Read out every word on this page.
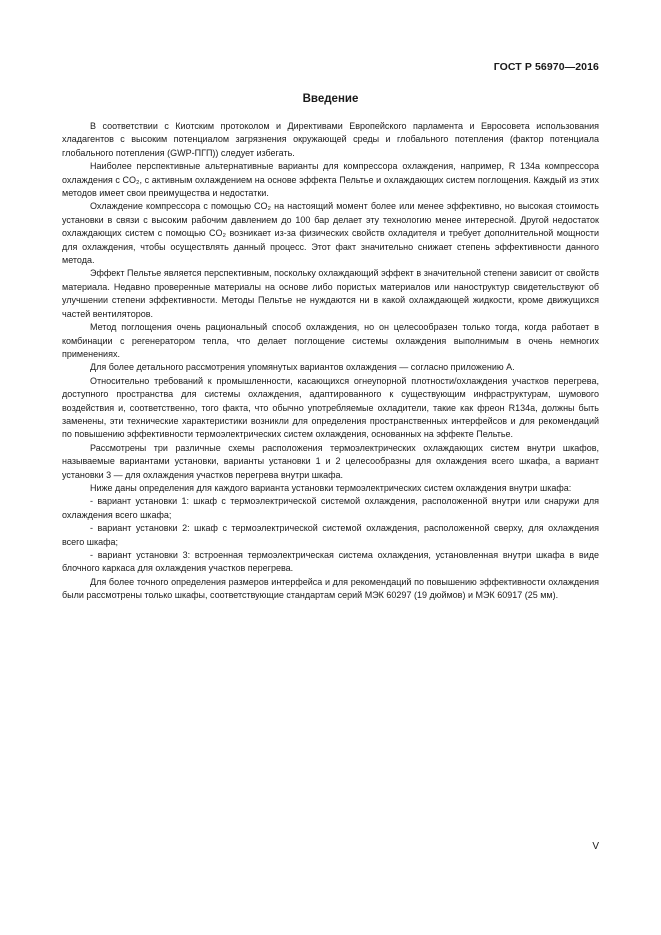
ГОСТ Р 56970—2016
Введение

В соответствии с Киотским протоколом и Директивами Европейского парламента и Евросовета использования хладагентов с высоким потенциалом загрязнения окружающей среды и глобального потепления (фактор потенциала глобального потепления (GWP-ПГП)) следует избегать.

Наиболее перспективные альтернативные варианты для компрессора охлаждения, например, R 134a компрессора охлаждения с CO₂, с активным охлаждением на основе эффекта Пельтье и охлаждающих систем поглощения. Каждый из этих методов имеет свои преимущества и недостатки.

Охлаждение компрессора с помощью CO₂ на настоящий момент более или менее эффективно, но высокая стоимость установки в связи с высоким рабочим давлением до 100 бар делает эту технологию менее интересной. Другой недостаток охлаждающих систем с помощью CO₂ возникает из-за физических свойств охладителя и требует дополнительной мощности для охлаждения, чтобы осуществлять данный процесс. Этот факт значительно снижает степень эффективности данного метода.

Эффект Пельтье является перспективным, поскольку охлаждающий эффект в значительной степени зависит от свойств материала. Недавно проверенные материалы на основе либо пористых материалов или наноструктур свидетельствуют об улучшении степени эффективности. Методы Пельтье не нуждаются ни в какой охлаждающей жидкости, кроме движущихся частей вентиляторов.

Метод поглощения очень рациональный способ охлаждения, но он целесообразен только тогда, когда работает в комбинации с регенератором тепла, что делает поглощение системы охлаждения выполнимым в очень немногих применениях.

Для более детального рассмотрения упомянутых вариантов охлаждения — согласно приложению А.

Относительно требований к промышленности, касающихся огнеупорной плотности/охлаждения участков перегрева, доступного пространства для системы охлаждения, адаптированного к существующим инфраструктурам, шумового воздействия и, соответственно, того факта, что обычно употребляемые охладители, такие как фреон R134a, должны быть заменены, эти технические характеристики возникли для определения пространственных интерфейсов и для рекомендаций по повышению эффективности термоэлектрических систем охлаждения, основанных на эффекте Пельтье.

Рассмотрены три различные схемы расположения термоэлектрических охлаждающих систем внутри шкафов, называемые вариантами установки, варианты установки 1 и 2 целесообразны для охлаждения всего шкафа, а вариант установки 3 — для охлаждения участков перегрева внутри шкафа.

Ниже даны определения для каждого варианта установки термоэлектрических систем охлаждения внутри шкафа:

- вариант установки 1: шкаф с термоэлектрической системой охлаждения, расположенной внутри или снаружи для охлаждения всего шкафа;

- вариант установки 2: шкаф с термоэлектрической системой охлаждения, расположенной сверху, для охлаждения всего шкафа;

- вариант установки 3: встроенная термоэлектрическая система охлаждения, установленная внутри шкафа в виде блочного каркаса для охлаждения участков перегрева.

Для более точного определения размеров интерфейса и для рекомендаций по повышению эффективности охлаждения были рассмотрены только шкафы, соответствующие стандартам серий МЭК 60297 (19 дюймов) и МЭК 60917 (25 мм).

V
